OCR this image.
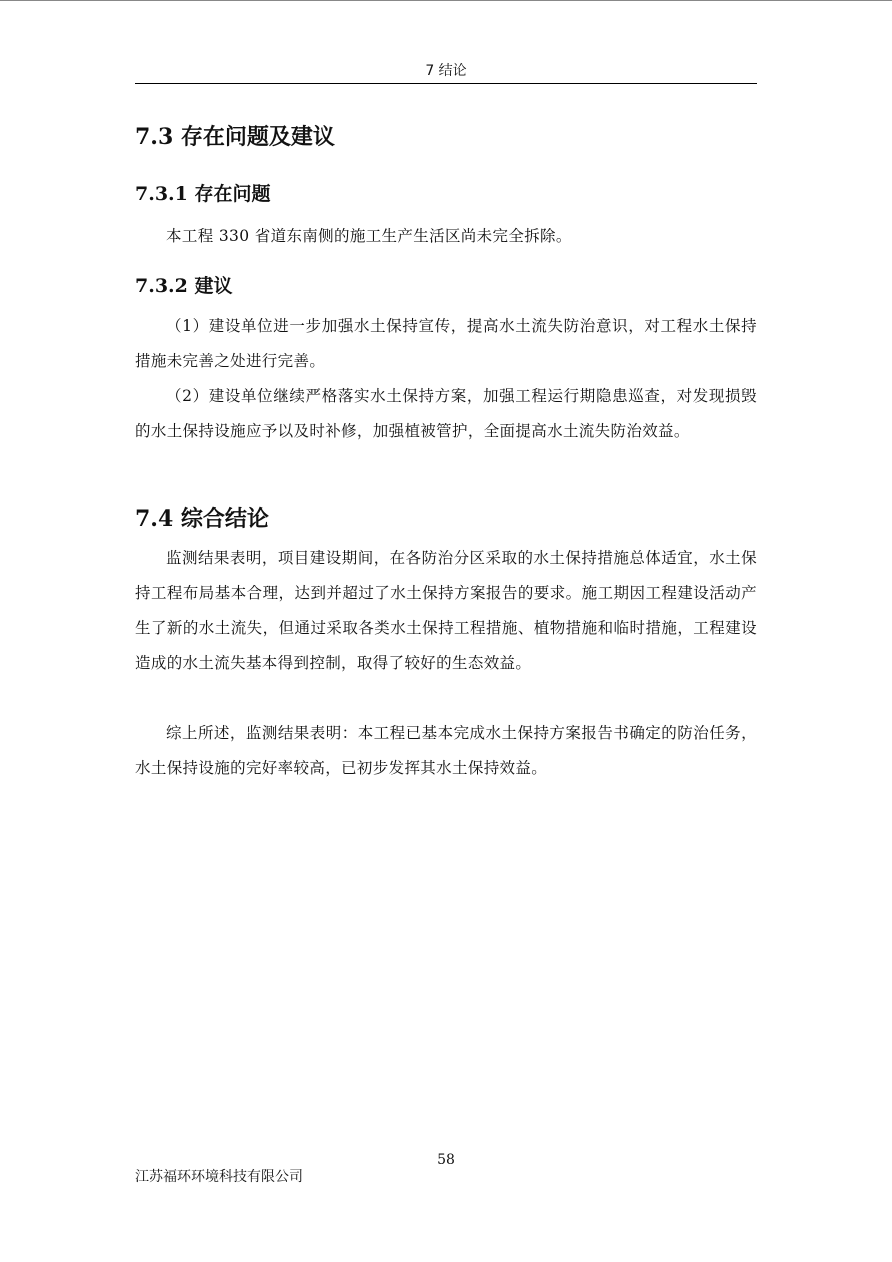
7 结论
7.3 存在问题及建议
7.3.1 存在问题

本工程 330 省道东南侧的施工生产生活区尚未完全拆除。

7.3.2 建议

（1）建设单位进一步加强水土保持宣传，提高水土流失防治意识，对工程水土保持措施未完善之处进行完善。

（2）建设单位继续严格落实水土保持方案，加强工程运行期隐患巡查，对发现损毁的水土保持设施应予以及时补修，加强植被管护，全面提高水土流失防治效益。

7.4 综合结论

监测结果表明，项目建设期间，在各防治分区采取的水土保持措施总体适宜，水土保持工程布局基本合理，达到并超过了水土保持方案报告的要求。施工期因工程建设活动产生了新的水土流失，但通过采取各类水土保持工程措施、植物措施和临时措施，工程建设造成的水土流失基本得到控制，取得了较好的生态效益。

综上所述，监测结果表明：本工程已基本完成水土保持方案报告书确定的防治任务，水土保持设施的完好率较高，已初步发挥其水土保持效益。

58
江苏福环环境科技有限公司
